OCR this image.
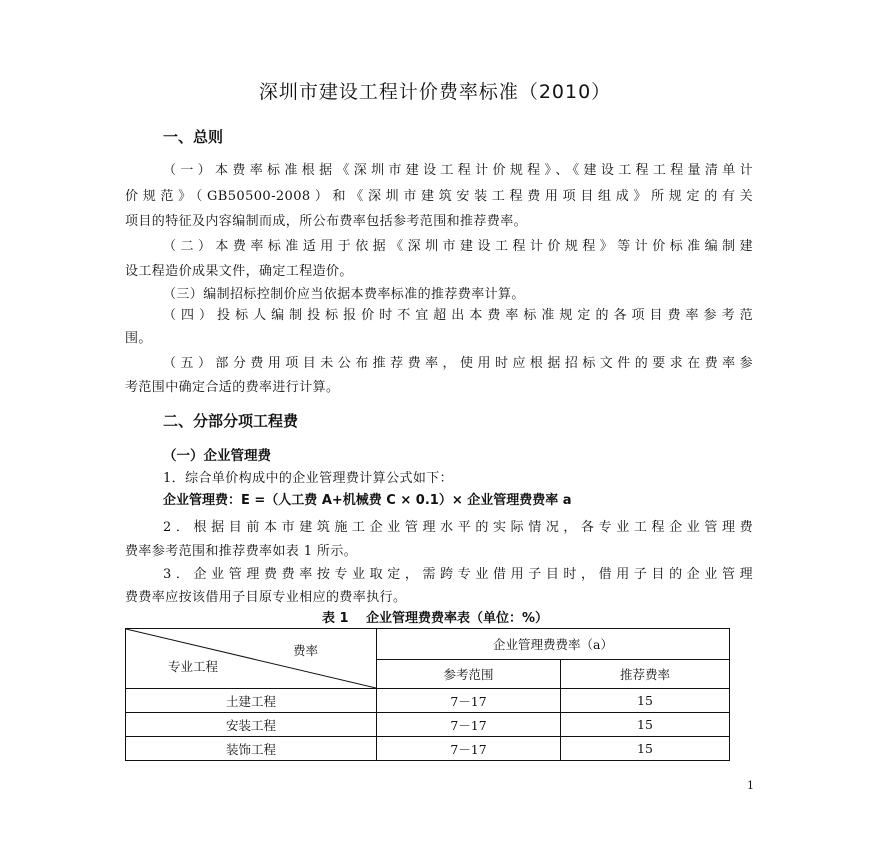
深圳市建设工程计价费率标准（2010）
一、总则
（一）本费率标准根据《深圳市建设工程计价规程》、《建设工程工程量清单计
价规范》（GB50500-2008）和《深圳市建筑安装工程费用项目组成》所规定的有关
项目的特征及内容编制而成，所公布费率包括参考范围和推荐费率。
（二）本费率标准适用于依据《深圳市建设工程计价规程》等计价标准编制建
设工程造价成果文件，确定工程造价。
（三）编制招标控制价应当依据本费率标准的推荐费率计算。
（四）投标人编制投标报价时不宜超出本费率标准规定的各项目费率参考范
围。
（五）部分费用项目未公布推荐费率，使用时应根据招标文件的要求在费率参
考范围中确定合适的费率进行计算。
二、分部分项工程费
（一）企业管理费
1．综合单价构成中的企业管理费计算公式如下：
企业管理费：E =（人工费 A+机械费 C × 0.1）× 企业管理费费率 a
2．根据目前本市建筑施工企业管理水平的实际情况，各专业工程企业管理费
费率参考范围和推荐费率如表 1 所示。
3．企业管理费费率按专业取定，需跨专业借用子目时，借用子目的企业管理
费费率应按该借用子目原专业相应的费率执行。
表 1　 企业管理费费率表（单位：%）
费率
专业工程	企业管理费费率（a）	
	参考范围	推荐费率
土建工程	7－17	15
安装工程	7－17	15
装饰工程	7－17	15
1
